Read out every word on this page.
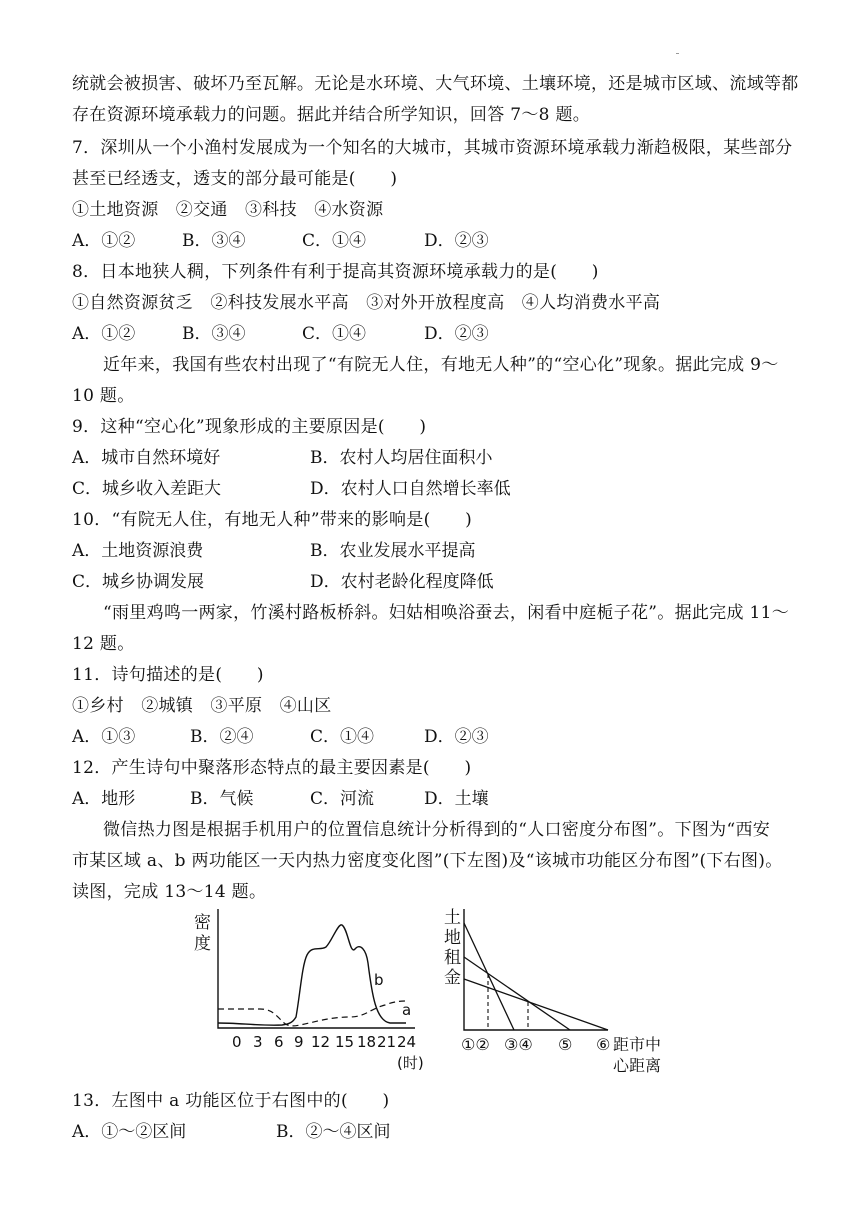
统就会被损害、破坏乃至瓦解。无论是水环境、大气环境、土壤环境，还是城市区域、流域等都
存在资源环境承载力的问题。据此并结合所学知识，回答 7～8 题。
7．深圳从一个小渔村发展成为一个知名的大城市，其城市资源环境承载力渐趋极限，某些部分
甚至已经透支，透支的部分最可能是(　　)
①土地资源　②交通　③科技　④水资源
A．①②	B．③④	C．①④	D．②③
8．日本地狭人稠，下列条件有利于提高其资源环境承载力的是(　　)
①自然资源贫乏　②科技发展水平高　③对外开放程度高　④人均消费水平高
A．①②	B．③④	C．①④	D．②③
近年来，我国有些农村出现了“有院无人住，有地无人种”的“空心化”现象。据此完成 9～
10 题。
9．这种“空心化”现象形成的主要原因是(　　)
A．城市自然环境好	B．农村人均居住面积小
C．城乡收入差距大	D．农村人口自然增长率低
10．“有院无人住，有地无人种”带来的影响是(　　)
A．土地资源浪费	B．农业发展水平提高
C．城乡协调发展	D．农村老龄化程度降低
“雨里鸡鸣一两家，竹溪村路板桥斜。妇姑相唤浴蚕去，闲看中庭栀子花”。据此完成 11～
12 题。
11．诗句描述的是(　　)
①乡村　②城镇　③平原　④山区
A．①③	B．②④	C．①④	D．②③
12．产生诗句中聚落形态特点的最主要因素是(　　)
A．地形	B．气候	C．河流	D．土壤
微信热力图是根据手机用户的位置信息统计分析得到的“人口密度分布图”。下图为“西安
市某区域 a、b 两功能区一天内热力密度变化图”(下左图)及“该城市功能区分布图”(下右图)。
读图，完成 13～14 题。
密
度
b
a
0 3 6 9 12 15 18 21 24
(时)
土
地
租
金
①② ③④ ⑤ ⑥ 距市中
心距离
13．左图中 a 功能区位于右图中的(　　)
A．①～②区间	B．②～④区间
